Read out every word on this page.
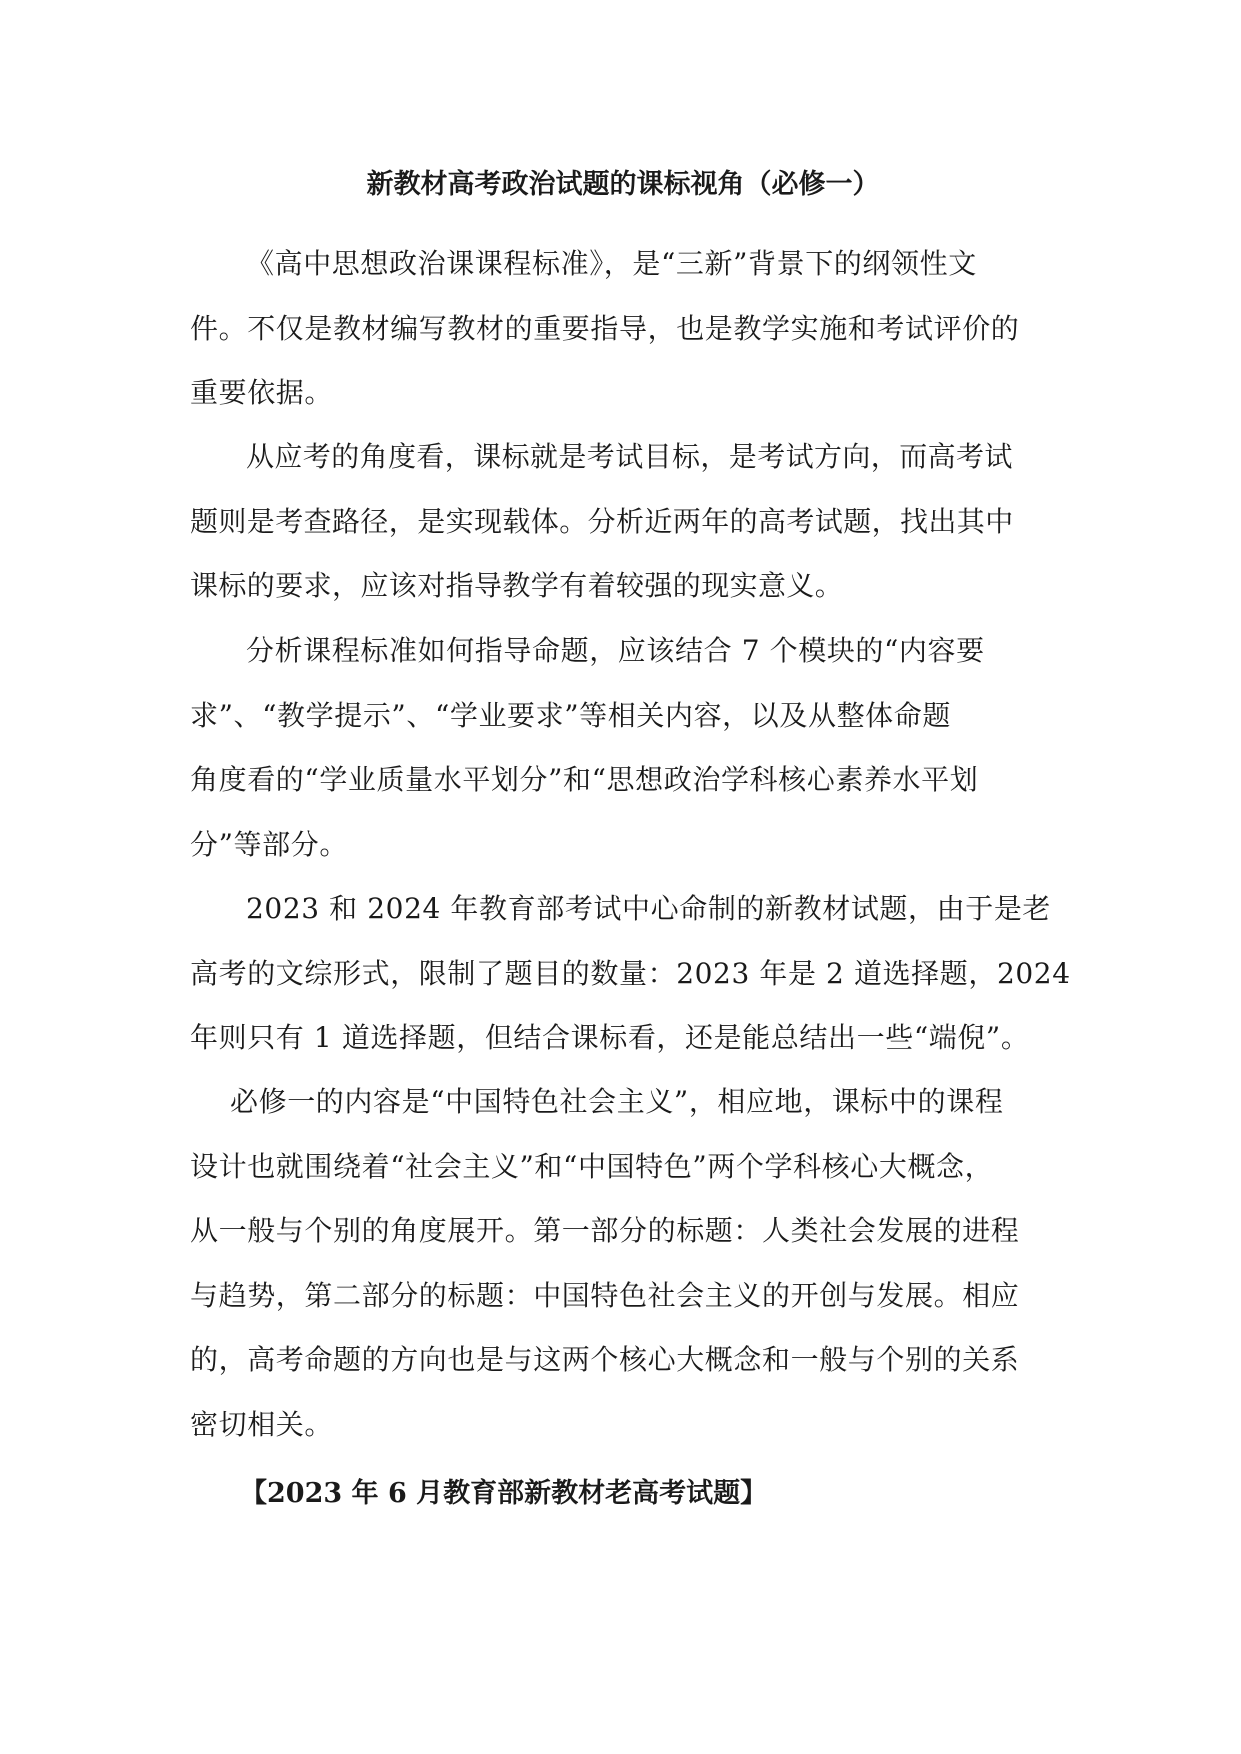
新教材高考政治试题的课标视角（必修一）
《高中思想政治课课程标准》，是“三新”背景下的纲领性文
件。不仅是教材编写教材的重要指导，也是教学实施和考试评价的
重要依据。
从应考的角度看，课标就是考试目标，是考试方向，而高考试
题则是考查路径，是实现载体。分析近两年的高考试题，找出其中
课标的要求，应该对指导教学有着较强的现实意义。
分析课程标准如何指导命题，应该结合 7 个模块的“内容要
求”、“教学提示”、“学业要求”等相关内容，以及从整体命题
角度看的“学业质量水平划分”和“思想政治学科核心素养水平划
分”等部分。
2023 和 2024 年教育部考试中心命制的新教材试题，由于是老
高考的文综形式，限制了题目的数量：2023 年是 2 道选择题，2024
年则只有 1 道选择题，但结合课标看，还是能总结出一些“端倪”。
必修一的内容是“中国特色社会主义”，相应地，课标中的课程
设计也就围绕着“社会主义”和“中国特色”两个学科核心大概念，
从一般与个别的角度展开。第一部分的标题：人类社会发展的进程
与趋势，第二部分的标题：中国特色社会主义的开创与发展。相应
的，高考命题的方向也是与这两个核心大概念和一般与个别的关系
密切相关。
【2023 年 6 月教育部新教材老高考试题】
